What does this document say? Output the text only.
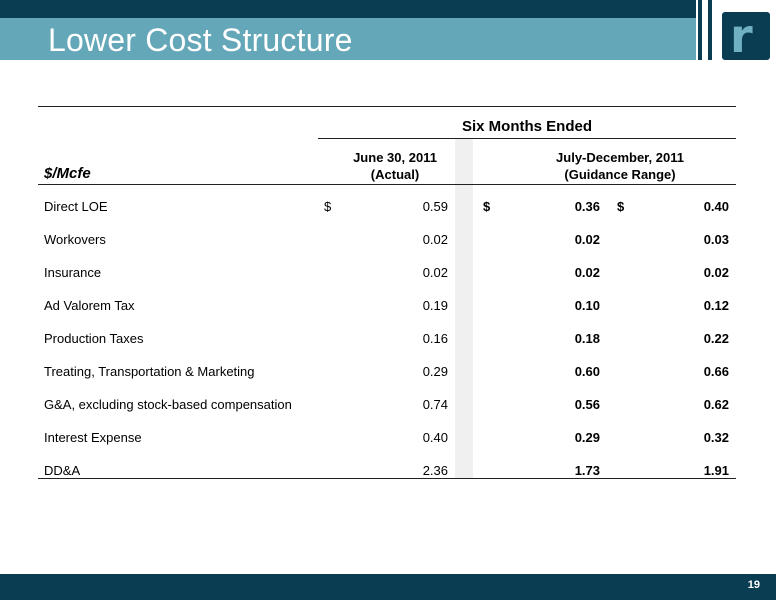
Lower Cost Structure	r
Six Months Ended
$/Mcfe
June 30, 2011
(Actual)
July-December, 2011
(Guidance Range)
Direct LOE	$	0.59	$	0.36 $	0.40
Workovers	0.02	0.02	0.03
Insurance	0.02	0.02	0.02
Ad Valorem Tax	0.19	0.10	0.12
Production Taxes	0.16	0.18	0.22
Treating, Transportation & Marketing	0.29	0.60	0.66
G&A, excluding stock-based compensation	0.74	0.56	0.62
Interest Expense	0.40	0.29	0.32
DD&A	2.36	1.73	1.91
19
